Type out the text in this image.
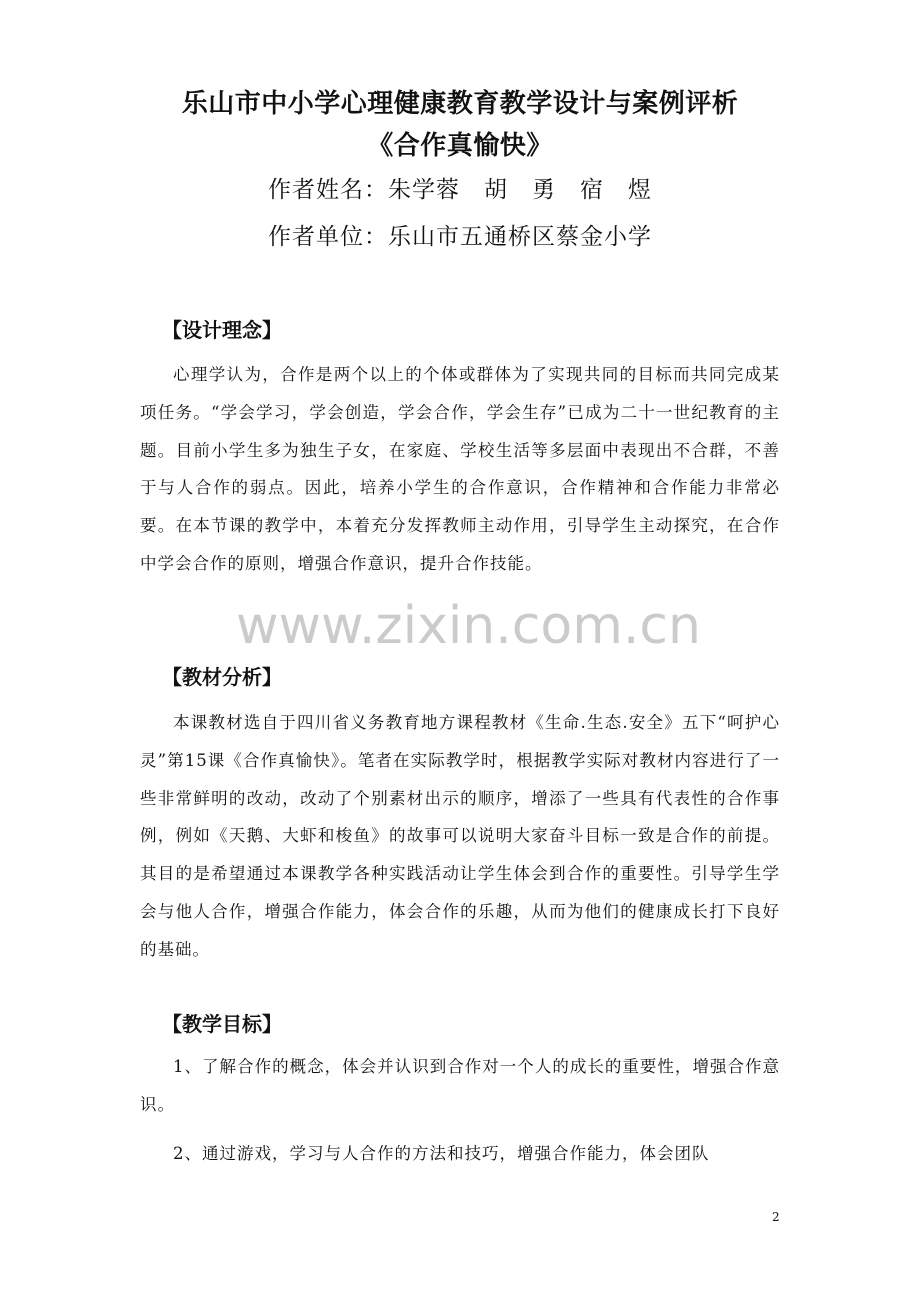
乐山市中小学心理健康教育教学设计与案例评析
《合作真愉快》
作者姓名：朱学蓉　胡　勇　宿　煜
作者单位：乐山市五通桥区蔡金小学
【设计理念】
心理学认为，合作是两个以上的个体或群体为了实现共同的目标而共同完成某项任务。“学会学习，学会创造，学会合作，学会生存”已成为二十一世纪教育的主题。目前小学生多为独生子女，在家庭、学校生活等多层面中表现出不合群，不善于与人合作的弱点。因此，培养小学生的合作意识，合作精神和合作能力非常必要。在本节课的教学中，本着充分发挥教师主动作用，引导学生主动探究，在合作中学会合作的原则，增强合作意识，提升合作技能。
【教材分析】
本课教材选自于四川省义务教育地方课程教材《生命.生态.安全》五下“呵护心灵”第15课《合作真愉快》。笔者在实际教学时，根据教学实际对教材内容进行了一些非常鲜明的改动，改动了个别素材出示的顺序，增添了一些具有代表性的合作事例，例如《天鹅、大虾和梭鱼》的故事可以说明大家奋斗目标一致是合作的前提。其目的是希望通过本课教学各种实践活动让学生体会到合作的重要性。引导学生学会与他人合作，增强合作能力，体会合作的乐趣，从而为他们的健康成长打下良好的基础。
【教学目标】
1、了解合作的概念，体会并认识到合作对一个人的成长的重要性，增强合作意识。
2、通过游戏，学习与人合作的方法和技巧，增强合作能力，体会团队
www.zixin.com.cn
2
